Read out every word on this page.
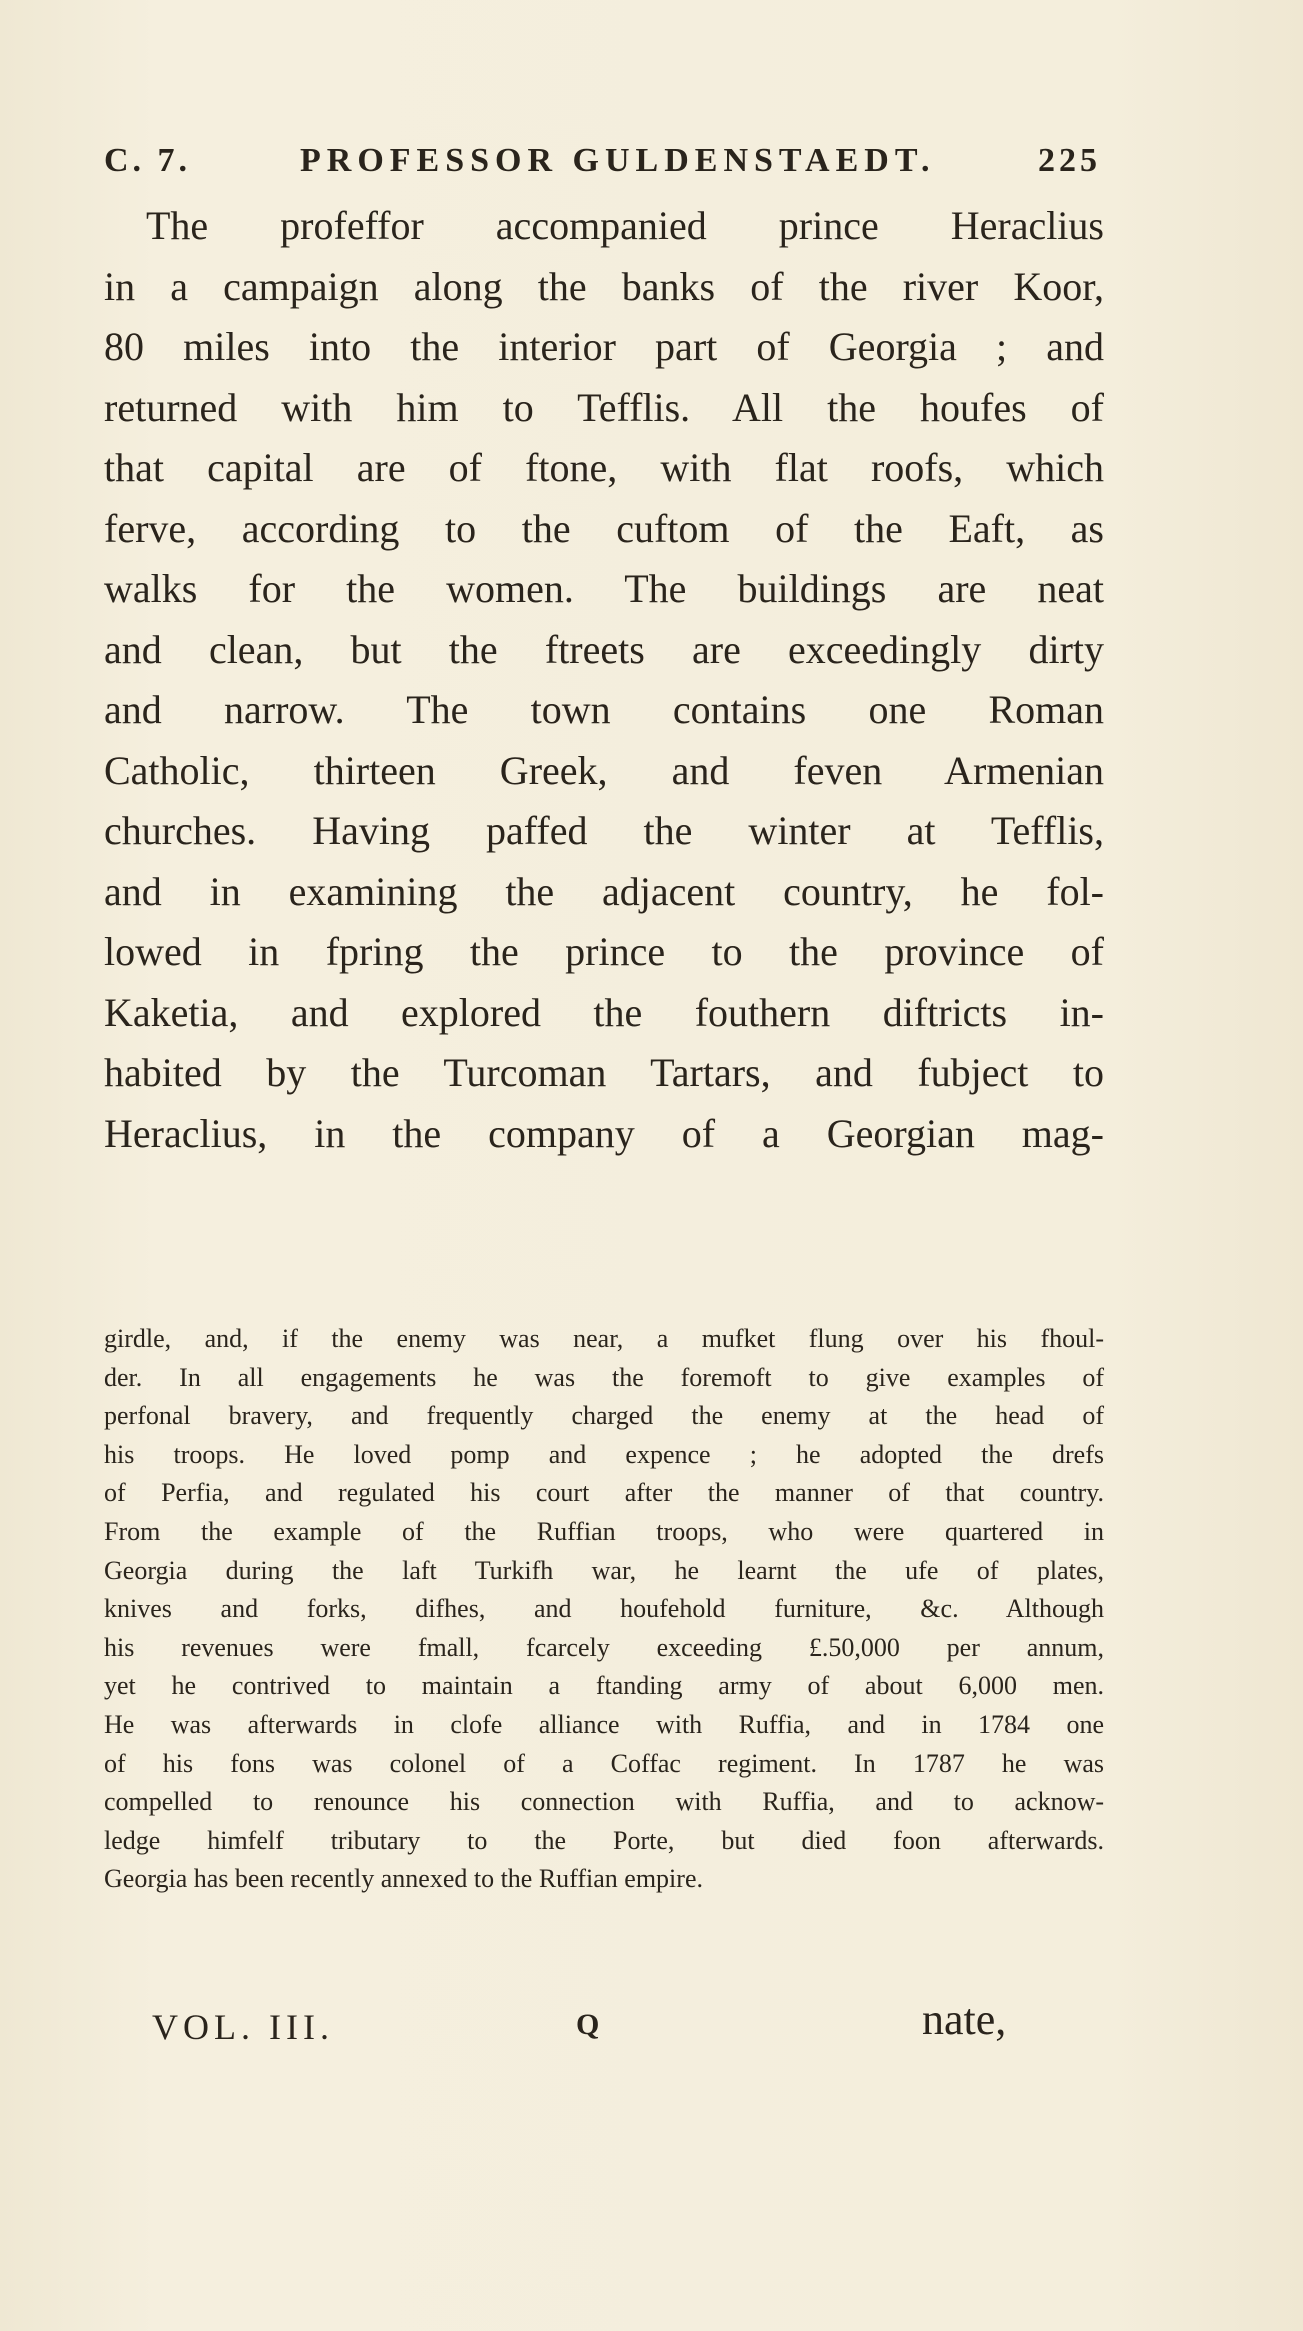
C. 7.	PROFESSOR GULDENSTAEDT.	225
The profeffor accompanied prince Heraclius
in a campaign along the banks of the river Koor,
80 miles into the interior part of Georgia ; and
returned with him to Tefflis. All the houfes of
that capital are of ftone, with flat roofs, which
ferve, according to the cuftom of the Eaft, as
walks for the women. The buildings are neat
and clean, but the ftreets are exceedingly dirty
and narrow. The town contains one Roman
Catholic, thirteen Greek, and feven Armenian
churches. Having paffed the winter at Tefflis,
and in examining the adjacent country, he fol-
lowed in fpring the prince to the province of
Kaketia, and explored the fouthern diftricts in-
habited by the Turcoman Tartars, and fubject to
Heraclius, in the company of a Georgian mag-
girdle, and, if the enemy was near, a mufket flung over his fhoul-
der. In all engagements he was the foremoft to give examples of
perfonal bravery, and frequently charged the enemy at the head of
his troops. He loved pomp and expence ; he adopted the drefs
of Perfia, and regulated his court after the manner of that country.
From the example of the Ruffian troops, who were quartered in
Georgia during the laft Turkifh war, he learnt the ufe of plates,
knives and forks, difhes, and houfehold furniture, &c. Although
his revenues were fmall, fcarcely exceeding £.50,000 per annum,
yet he contrived to maintain a ftanding army of about 6,000 men.
He was afterwards in clofe alliance with Ruffia, and in 1784 one
of his fons was colonel of a Coffac regiment. In 1787 he was
compelled to renounce his connection with Ruffia, and to acknow-
ledge himfelf tributary to the Porte, but died foon afterwards.
Georgia has been recently annexed to the Ruffian empire.
VOL. III.	Q	nate,
